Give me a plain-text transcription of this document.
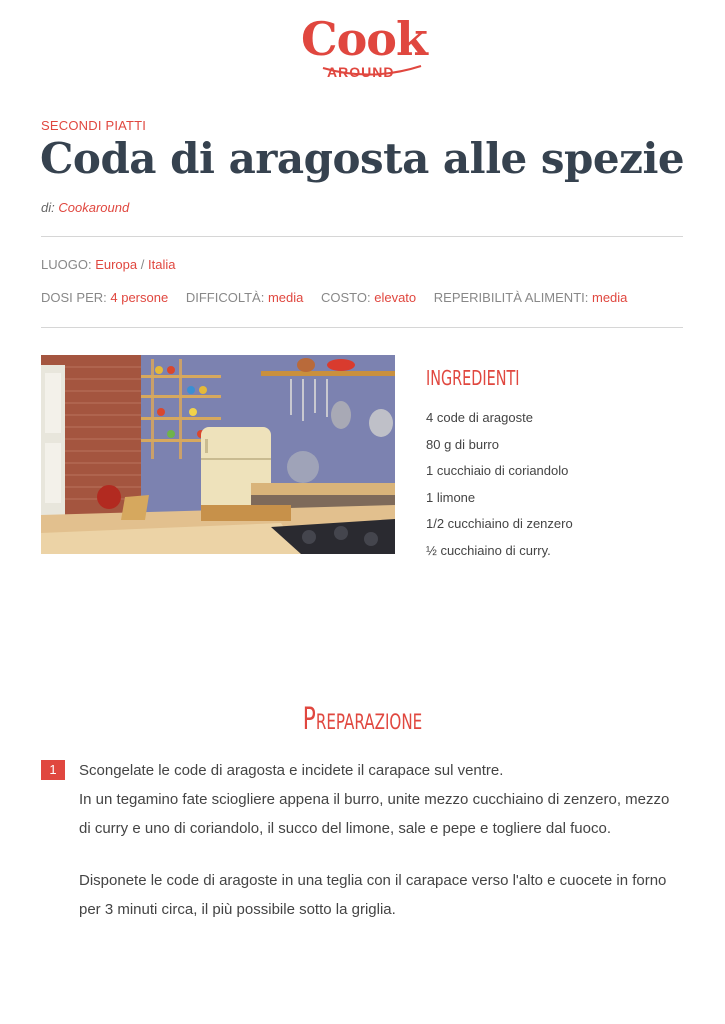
Cook
AROUND
SECONDI PIATTI
Coda di aragosta alle spezie
di: Cookaround
LUOGO: Europa / Italia
DOSI PER: 4 persone DIFFICOLTÀ: media COSTO: elevato REPERIBILITÀ ALIMENTI: media
INGREDIENTI
4 code di aragoste
80 g di burro
1 cucchiaio di coriandolo
1 limone
1/2 cucchiaino di zenzero
½ cucchiaino di curry.
Preparazione
1	Scongelate le code di aragosta e incidete il carapace sul ventre.

In un tegamino fate sciogliere appena il burro, unite mezzo cucchiaino di zenzero, mezzo di curry e uno di coriandolo, il succo del limone, sale e pepe e togliere dal fuoco.

Disponete le code di aragoste in una teglia con il carapace verso l'alto e cuocete in forno per 3 minuti circa, il più possibile sotto la griglia.
